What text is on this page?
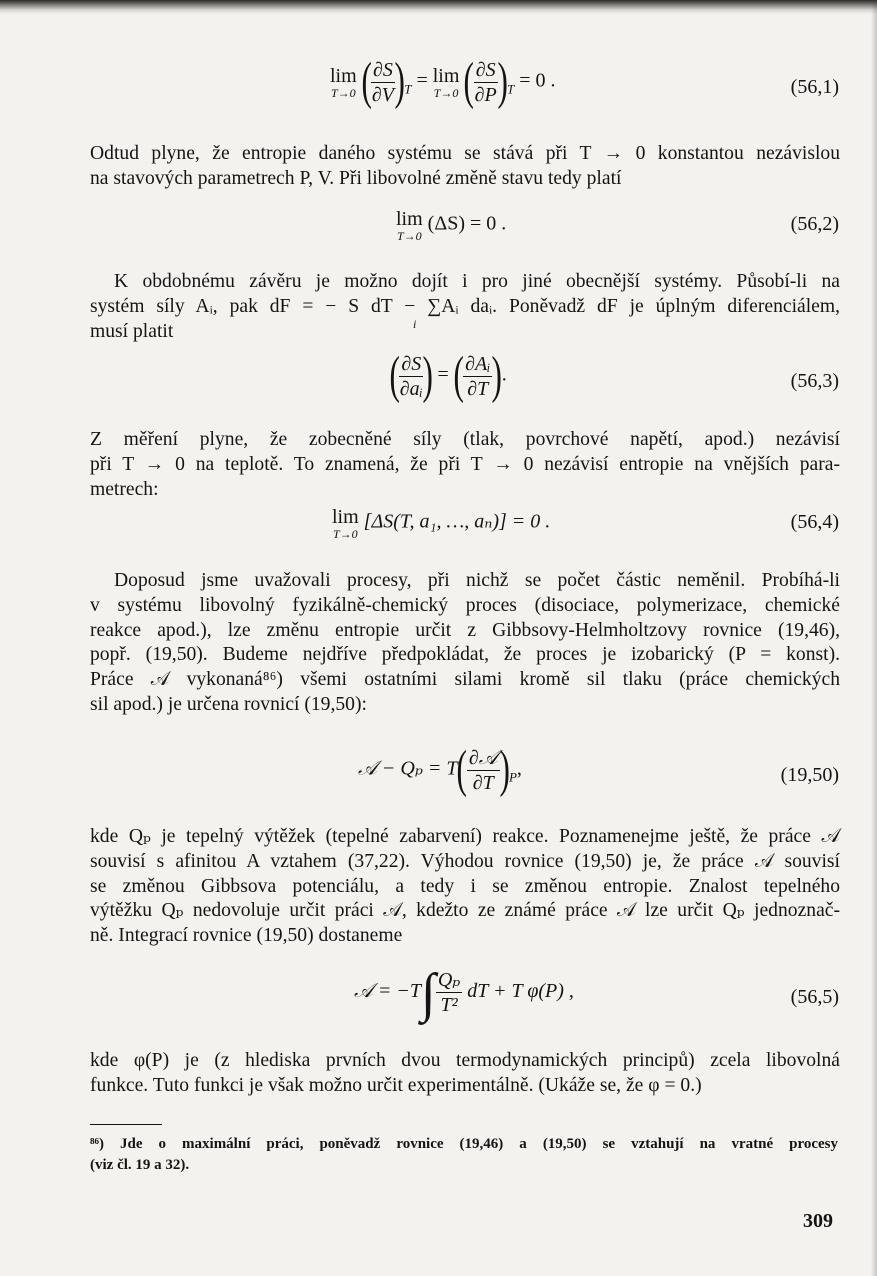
lim
T→0 ( $\frac{\partial S}{\partial V} )_T = \lim$
T→0 ( $\frac{\partial S}{\partial P} )_T = 0$ .	(56,1)
Odtud plyne, že entropie daného systému se stává při T → 0 konstantou nezávislou
na stavových parametrech P, V. Při libovolné změně stavu tedy platí
lim
T→0
(ΔS) = 0 .	(56,2)
K obdobnému závěru je možno dojít i pro jiné obecnější systémy. Působí-li na
systém síly Aᵢ, pak dF = − S dT − ∑Aᵢ daᵢ. Poněvadž dF je úplným diferenciálem,
musí platit	i
( $\frac{\partial S}{\text{∂aᵢ}}$ ) = ( $\frac{\text{∂Aᵢ}}{\partial T}$ ).	(56,3)
Z měření plyne, že zobecněné síly (tlak, povrchové napětí, apod.) nezávisí
při T → 0 na teplotě. To znamená, že při T → 0 nezávisí entropie na vnějších para-
metrech:
lim
T→0
[ΔS(T, a₁, …, aₙ)] = 0 .	(56,4)
Doposud jsme uvažovali procesy, při nichž se počet částic neměnil. Probíhá-li
v systému libovolný fyzikálně-chemický proces (disociace, polymerizace, chemické
reakce apod.), lze změnu entropie určit z Gibbsovy-Helmholtzovy rovnice (19,46),
popř. (19,50). Budeme nejdříve předpokládat, že proces je izobarický (P = konst).
Práce 𝒜 vykonaná⁸⁶) všemi ostatními silami kromě sil tlaku (práce chemických
sil apod.) je určena rovnicí (19,50):
𝒜 − $Q_p = T( \frac{\text{∂𝒜}}{\partial T} )_P$,	(19,50)
kde Qₚ je tepelný výtěžek (tepelné zabarvení) reakce. Poznamenejme ještě, že práce 𝒜
souvisí s afinitou A vztahem (37,22). Výhodou rovnice (19,50) je, že práce 𝒜 souvisí
se změnou Gibbsova potenciálu, a tedy i se změnou entropie. Znalost tepelného
výtěžku Qₚ nedovoluje určit práci 𝒜, kdežto ze známé práce 𝒜 lze určit Qₚ jednoznač-
ně. Integrací rovnice (19,50) dostaneme
𝒜 = $-T\int \frac{\text{Qₚ}}{\text{T²}}$ dT + T φ(P) ,	(56,5)
kde φ(P) je (z hlediska prvních dvou termodynamických principů) zcela libovolná
funkce. Tuto funkci je však možno určit experimentálně. (Ukáže se, že φ = 0.)
⁸⁶) Jde o maximální práci, poněvadž rovnice (19,46) a (19,50) se vztahují na vratné procesy
(viz čl. 19 a 32).
309
